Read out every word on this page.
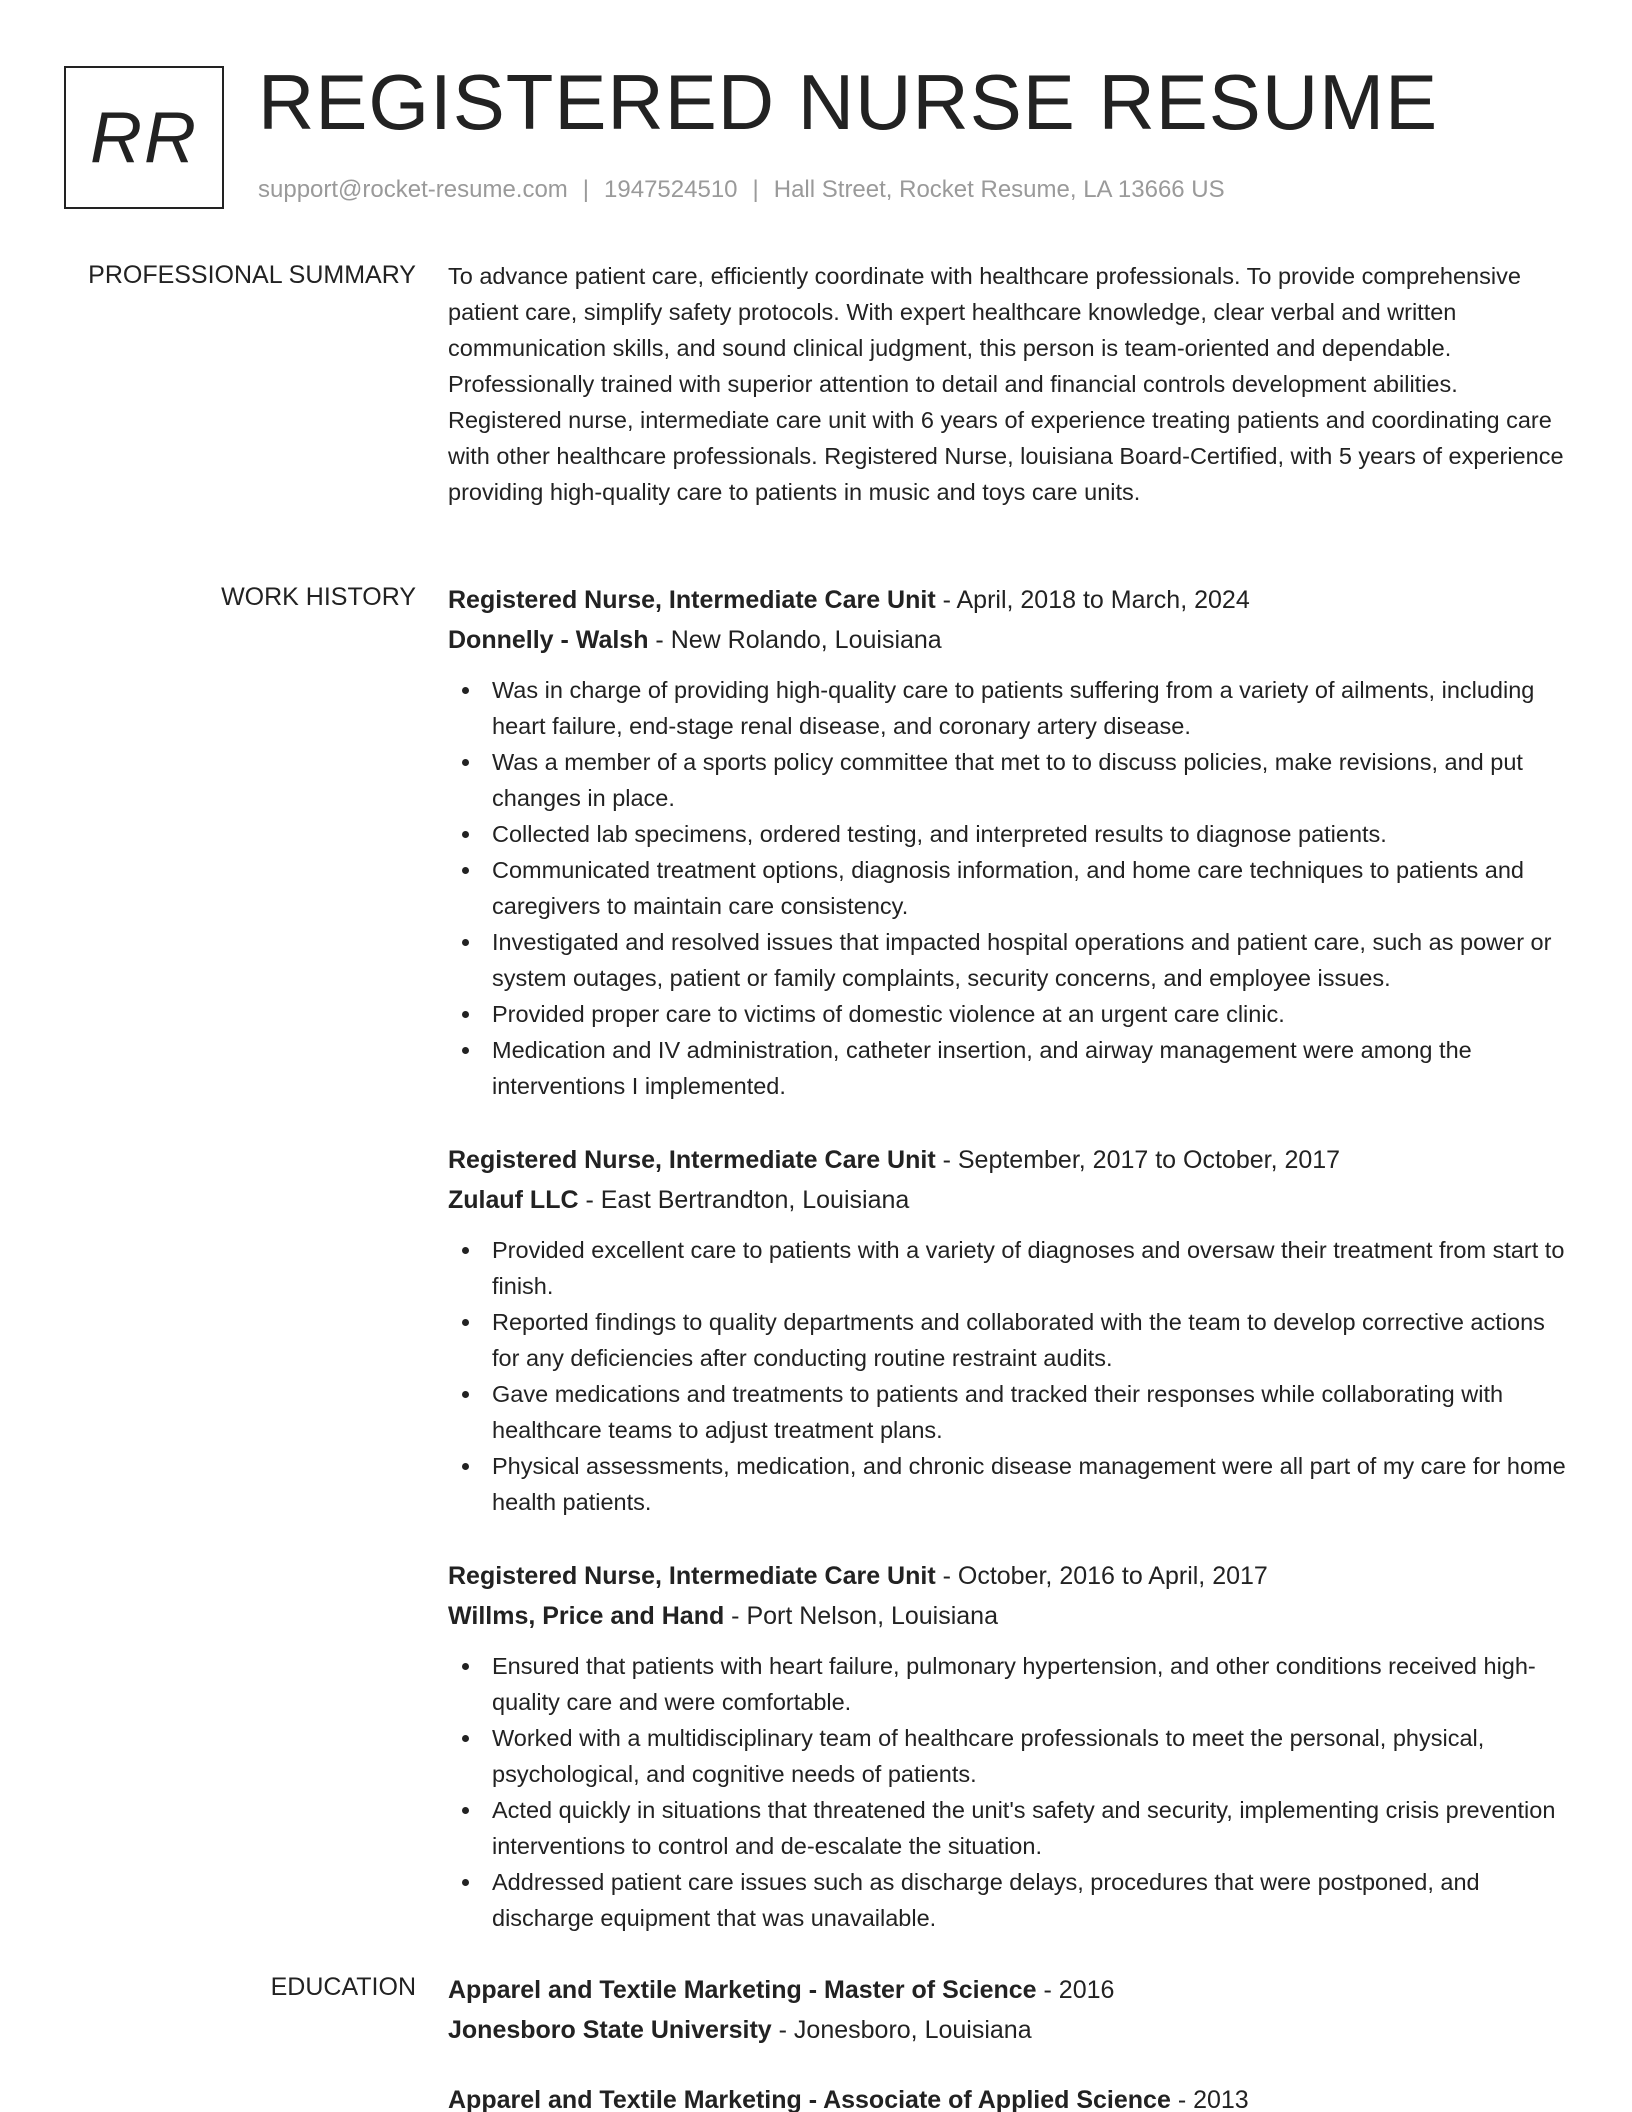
RR REGISTERED NURSE RESUME
support@rocket-resume.com | 1947524510 | Hall Street, Rocket Resume, LA 13666 US
PROFESSIONAL SUMMARY To advance patient care, efficiently coordinate with healthcare professionals. To provide comprehensive patient care, simplify safety protocols. With expert healthcare knowledge, clear verbal and written communication skills, and sound clinical judgment, this person is team-oriented and dependable. Professionally trained with superior attention to detail and financial controls development abilities. Registered nurse, intermediate care unit with 6 years of experience treating patients and coordinating care with other healthcare professionals. Registered Nurse, louisiana Board-Certified, with 5 years of experience providing high-quality care to patients in music and toys care units.

WORK HISTORY Registered Nurse, Intermediate Care Unit - April, 2018 to March, 2024
Donnelly - Walsh - New Rolando, Louisiana
Was in charge of providing high-quality care to patients suffering from a variety of ailments, including heart failure, end-stage renal disease, and coronary artery disease.
Was a member of a sports policy committee that met to to discuss policies, make revisions, and put changes in place.
Collected lab specimens, ordered testing, and interpreted results to diagnose patients.
Communicated treatment options, diagnosis information, and home care techniques to patients and caregivers to maintain care consistency.
Investigated and resolved issues that impacted hospital operations and patient care, such as power or system outages, patient or family complaints, security concerns, and employee issues.
Provided proper care to victims of domestic violence at an urgent care clinic.
Medication and IV administration, catheter insertion, and airway management were among the interventions I implemented.
Registered Nurse, Intermediate Care Unit - September, 2017 to October, 2017
Zulauf LLC - East Bertrandton, Louisiana
Provided excellent care to patients with a variety of diagnoses and oversaw their treatment from start to finish.
Reported findings to quality departments and collaborated with the team to develop corrective actions for any deficiencies after conducting routine restraint audits.
Gave medications and treatments to patients and tracked their responses while collaborating with healthcare teams to adjust treatment plans.
Physical assessments, medication, and chronic disease management were all part of my care for home health patients.
Registered Nurse, Intermediate Care Unit - October, 2016 to April, 2017
Willms, Price and Hand - Port Nelson, Louisiana
Ensured that patients with heart failure, pulmonary hypertension, and other conditions received high-quality care and were comfortable.
Worked with a multidisciplinary team of healthcare professionals to meet the personal, physical, psychological, and cognitive needs of patients.
Acted quickly in situations that threatened the unit's safety and security, implementing crisis prevention interventions to control and de-escalate the situation.
Addressed patient care issues such as discharge delays, procedures that were postponed, and discharge equipment that was unavailable.
EDUCATION Apparel and Textile Marketing - Master of Science - 2016
Jonesboro State University - Jonesboro, Louisiana
Apparel and Textile Marketing - Associate of Applied Science - 2013
